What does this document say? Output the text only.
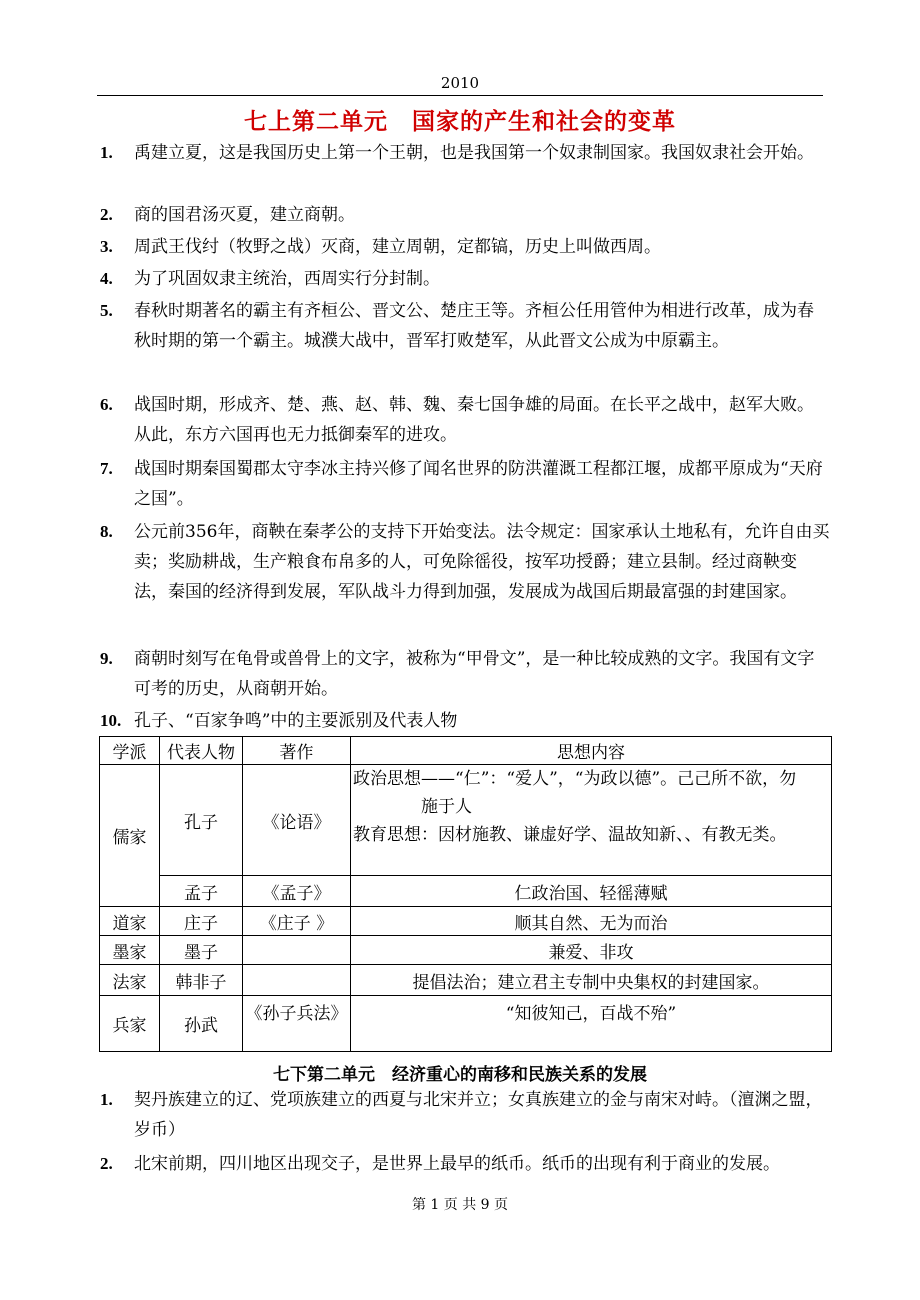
2010
七上第二单元　国家的产生和社会的变革
1.	禹建立夏，这是我国历史上第一个王朝，也是我国第一个奴隶制国家。我国奴隶社会开始。
2.	商的国君汤灭夏，建立商朝。
3.	周武王伐纣（牧野之战）灭商，建立周朝，定都镐，历史上叫做西周。
4.	为了巩固奴隶主统治，西周实行分封制。
5.	春秋时期著名的霸主有齐桓公、晋文公、楚庄王等。齐桓公任用管仲为相进行改革，成为春秋时期的第一个霸主。城濮大战中，晋军打败楚军，从此晋文公成为中原霸主。
6.	战国时期，形成齐、楚、燕、赵、韩、魏、秦七国争雄的局面。在长平之战中，赵军大败。从此，东方六国再也无力抵御秦军的进攻。
7.	战国时期秦国蜀郡太守李冰主持兴修了闻名世界的防洪灌溉工程都江堰，成都平原成为“天府之国”。
8.	公元前356年，商鞅在秦孝公的支持下开始变法。法令规定：国家承认土地私有，允许自由买卖；奖励耕战，生产粮食布帛多的人，可免除徭役，按军功授爵；建立县制。经过商鞅变法，秦国的经济得到发展，军队战斗力得到加强，发展成为战国后期最富强的封建国家。
9.	商朝时刻写在龟骨或兽骨上的文字，被称为“甲骨文”，是一种比较成熟的文字。我国有文字可考的历史，从商朝开始。
10. 孔子、“百家争鸣”中的主要派别及代表人物
学派	代表人物	著作	思想内容
儒家	孔子	《论语》	政治思想——“仁”：“爱人”，“为政以德”。己己所不欲，勿
施于人
教育思想：因材施教、谦虚好学、温故知新、、有教无类。

	孟子	《孟子》	仁政治国、轻徭薄赋
道家	庄子	《庄子 》	顺其自然、无为而治
墨家	墨子		兼爱、非攻
法家	韩非子		提倡法治；建立君主专制中央集权的封建国家。
兵家	孙武	《孙子兵法》	“知彼知己，百战不殆”
七下第二单元　经济重心的南移和民族关系的发展
1.	契丹族建立的辽、党项族建立的西夏与北宋并立；女真族建立的金与南宋对峙。（澶渊之盟，岁币）
2.	北宋前期，四川地区出现交子，是世界上最早的纸币。纸币的出现有利于商业的发展。
第 1 页 共 9 页
